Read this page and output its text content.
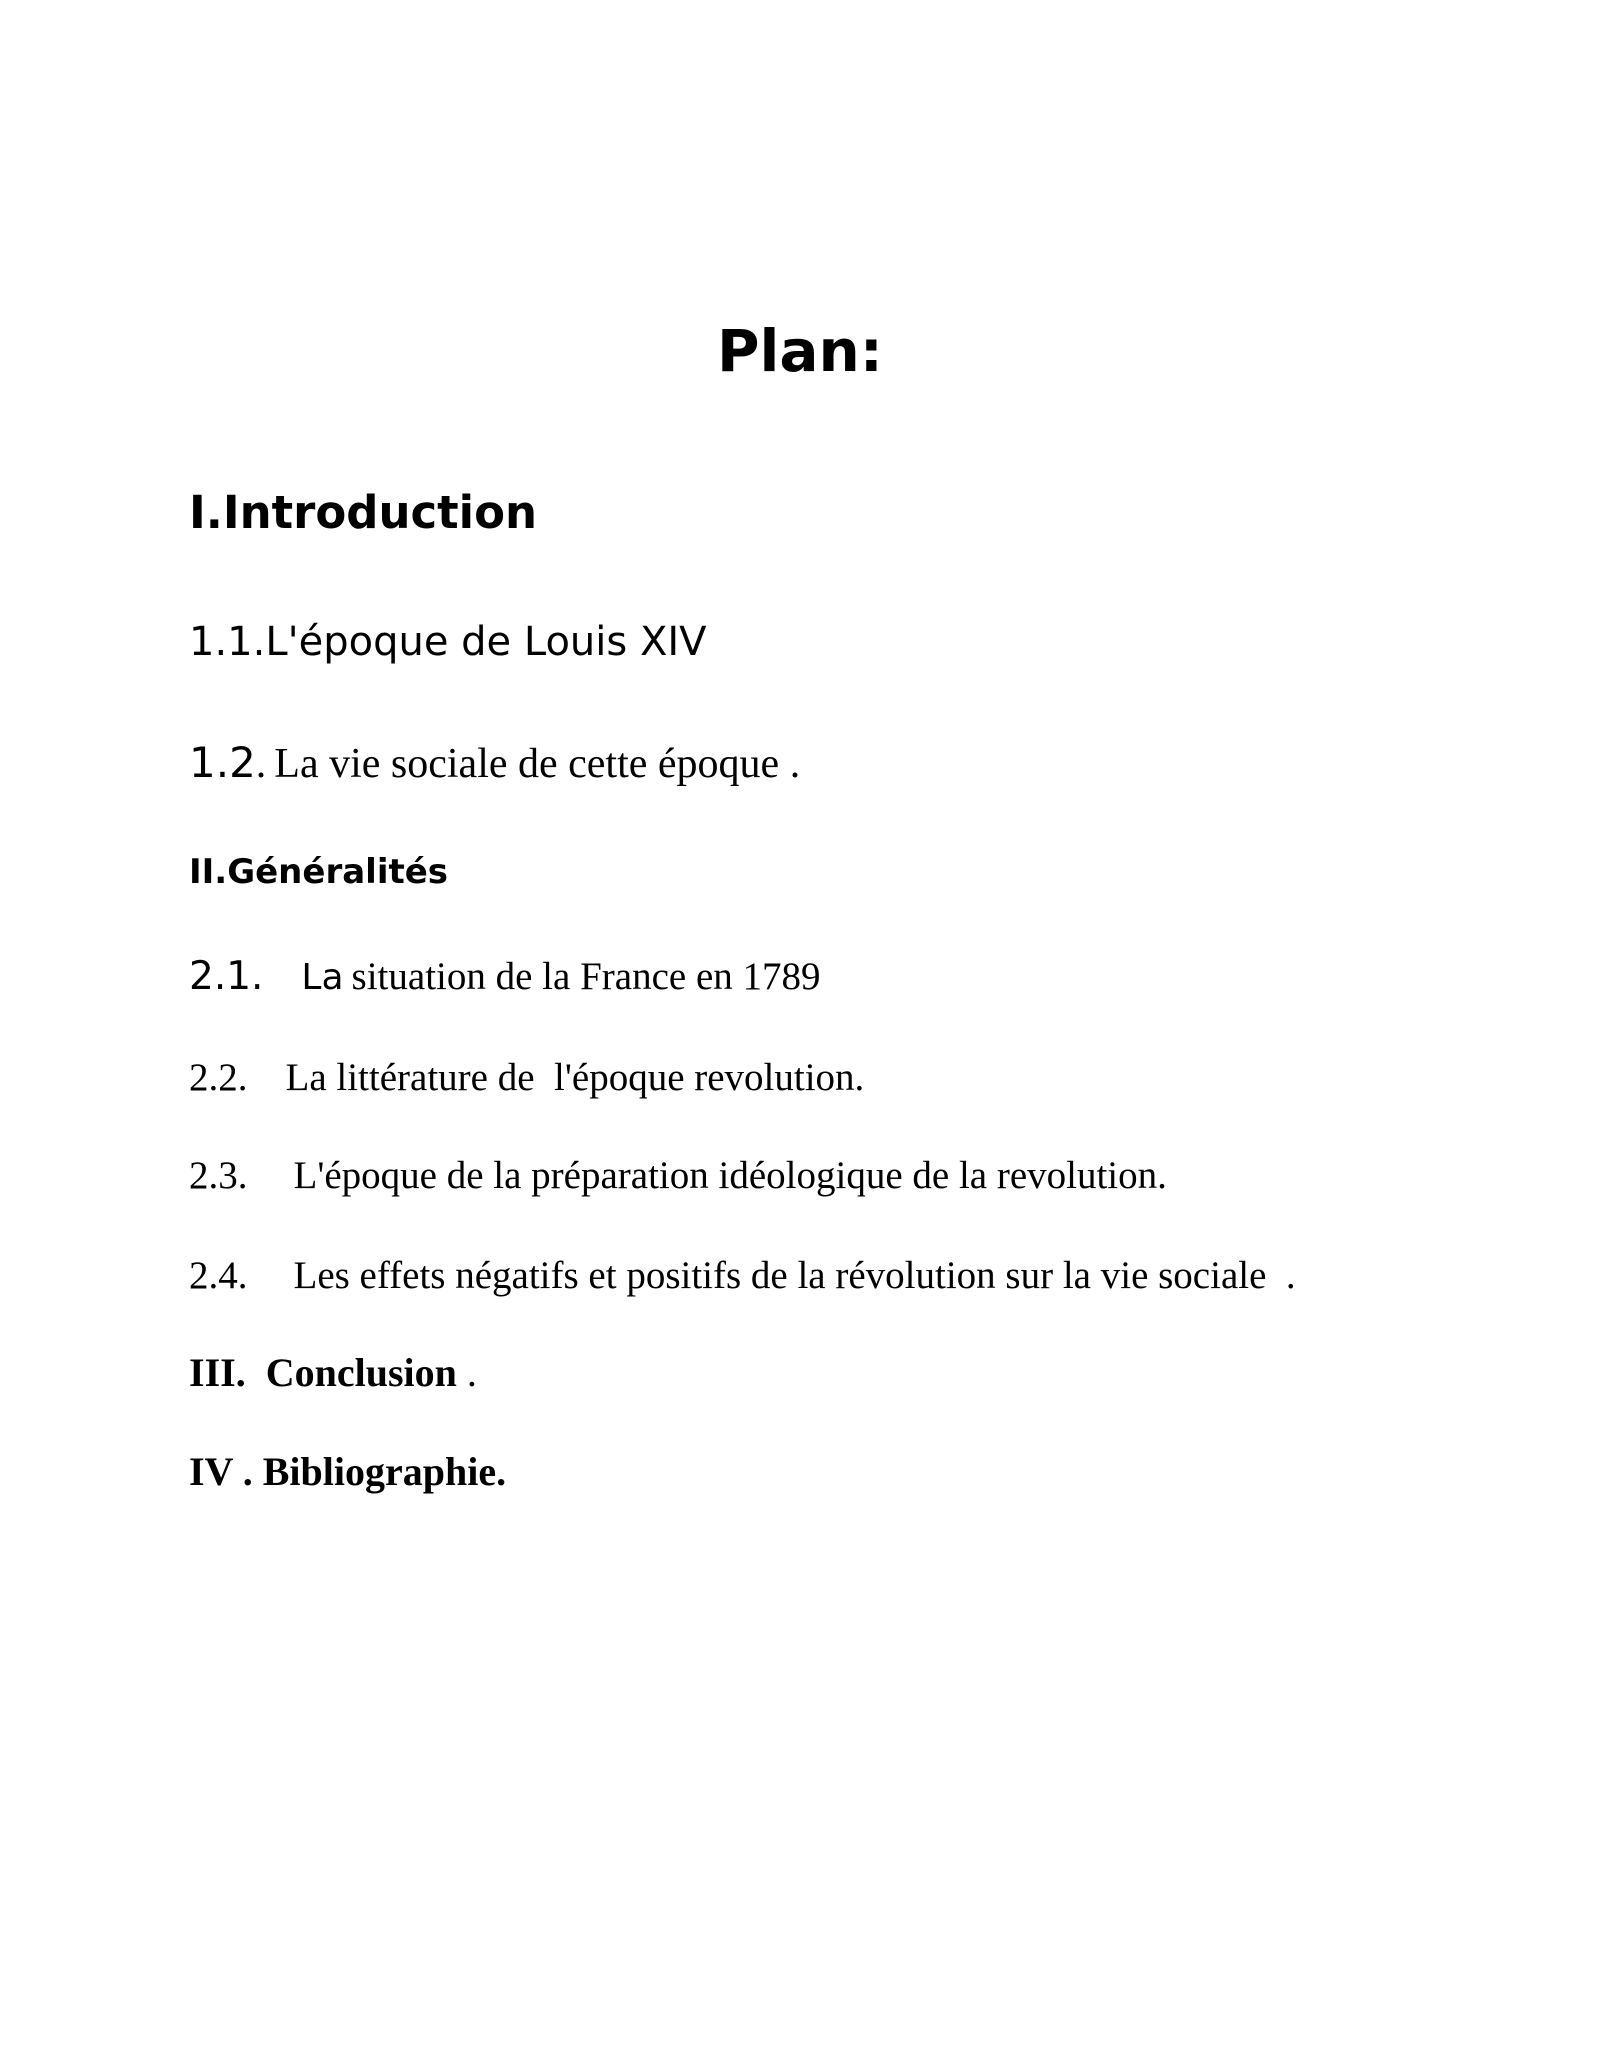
Plan:
I.Introduction
1.1.L'époque de Louis XIV
1.2. La vie sociale de cette époque .
II.Généralités
2.1. La situation de la France en 1789
2.2. La littérature de  l'époque revolution.
2.3. L'époque de la préparation idéologique de la revolution.
2.4. Les effets négatifs et positifs de la révolution sur la vie sociale  .
III.  Conclusion .
IV . Bibliographie.
